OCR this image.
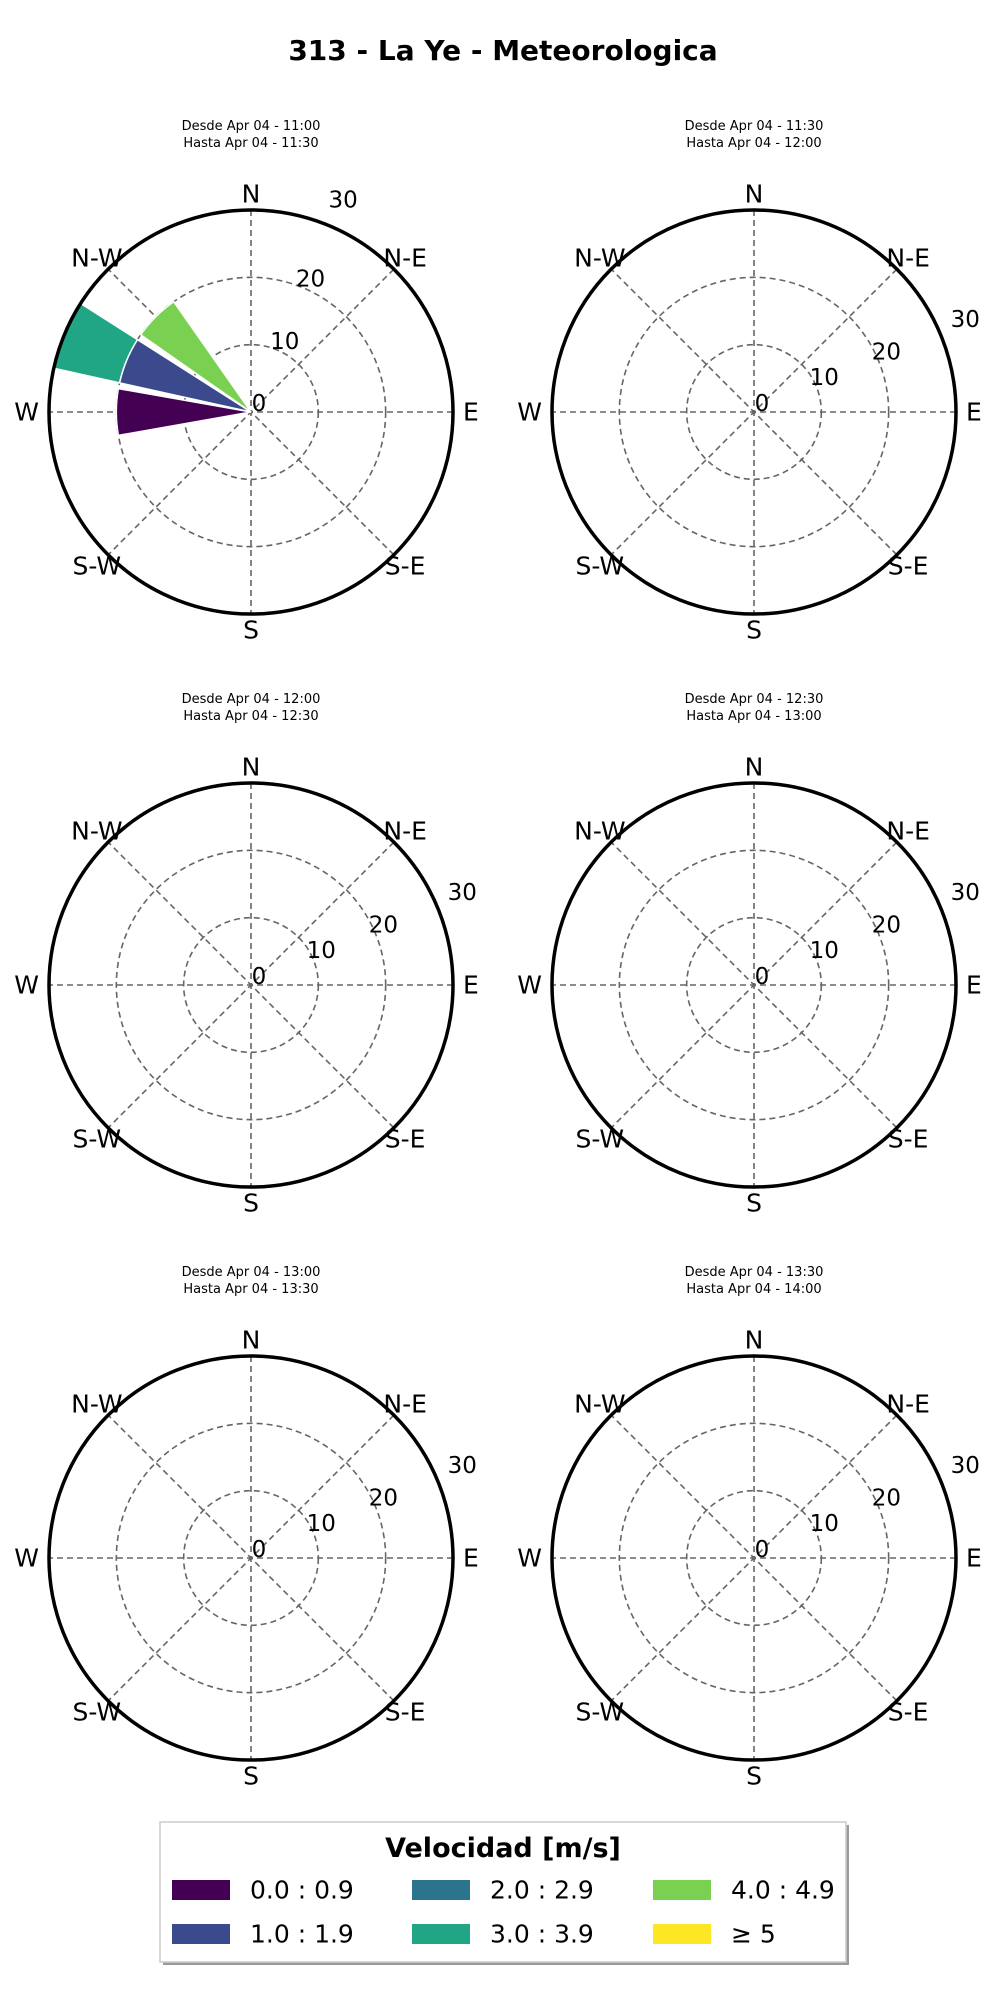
313 - La Ye - Meteorologica
Desde Apr 04 - 11:00
Hasta Apr 04 - 11:30
N
N-E
E
S-E
S
S-W
W
N-W
0
10
20
30
Desde Apr 04 - 11:30
Hasta Apr 04 - 12:00
N
N-E
E
S-E
S
S-W
W
N-W
0
10
20
30
Desde Apr 04 - 12:00
Hasta Apr 04 - 12:30
N
N-E
E
S-E
S
S-W
W
N-W
0
10
20
30
Desde Apr 04 - 12:30
Hasta Apr 04 - 13:00
N
N-E
E
S-E
S
S-W
W
N-W
0
10
20
30
Desde Apr 04 - 13:00
Hasta Apr 04 - 13:30
N
N-E
E
S-E
S
S-W
W
N-W
0
10
20
30
Desde Apr 04 - 13:30
Hasta Apr 04 - 14:00
N
N-E
E
S-E
S
S-W
W
N-W
0
10
20
30
Velocidad [m/s]
0.0 : 0.9
1.0 : 1.9
2.0 : 2.9
3.0 : 3.9
4.0 : 4.9
≥ 5
